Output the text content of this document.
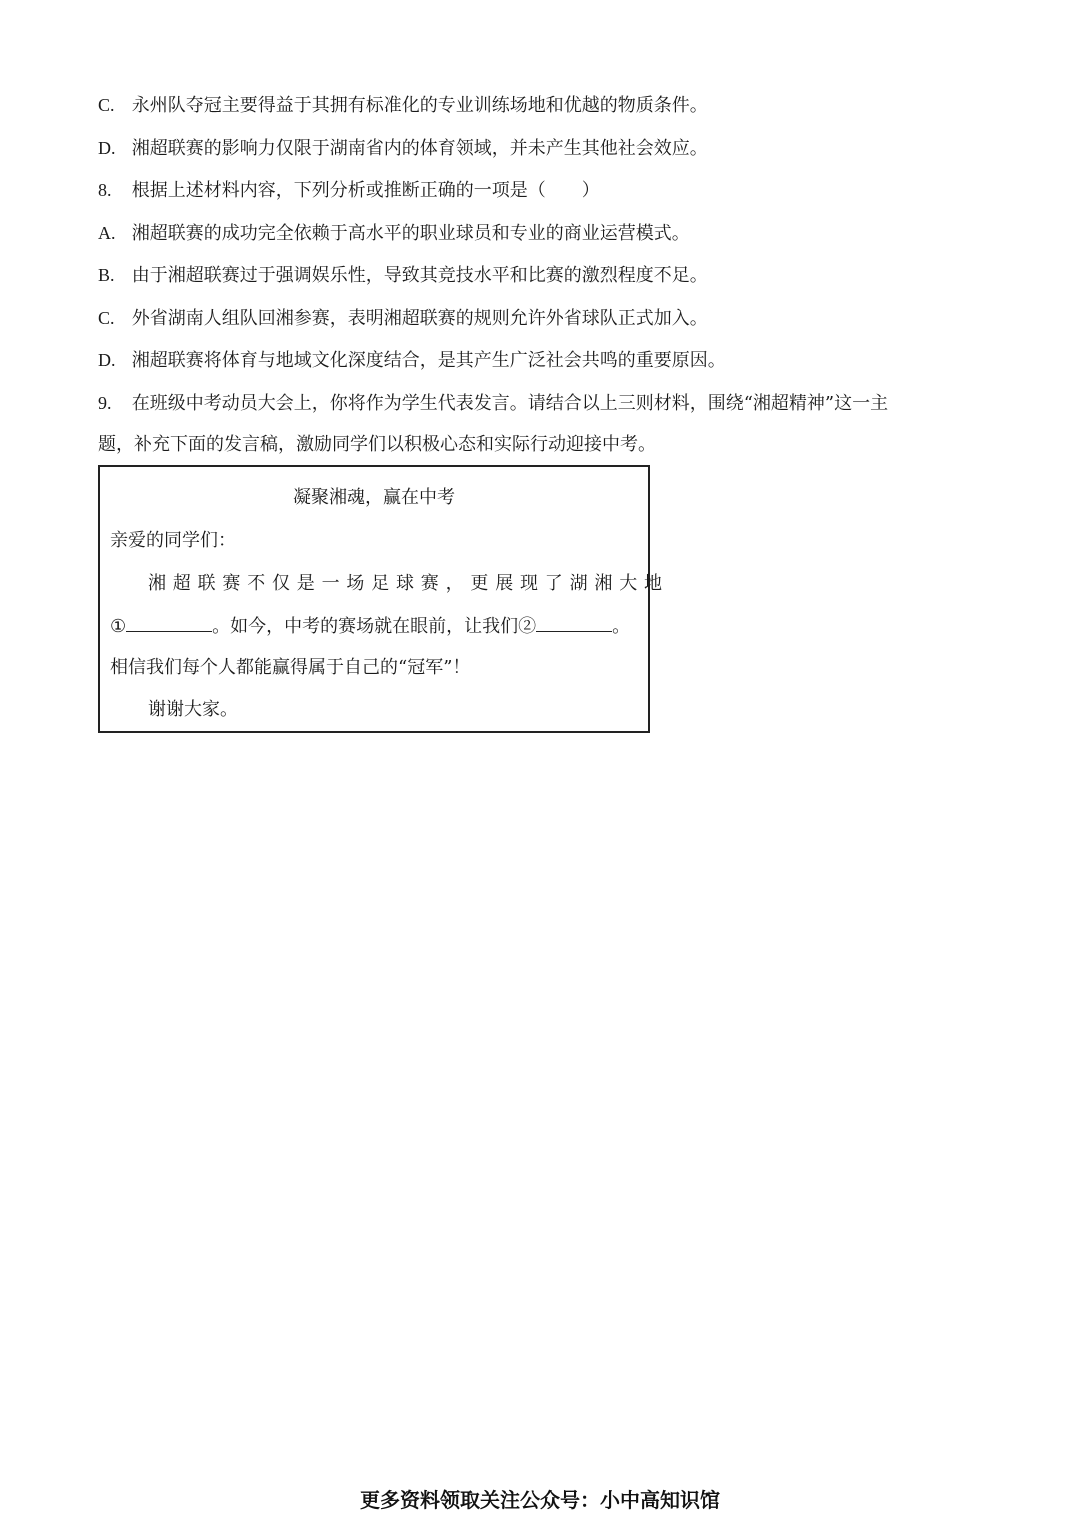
C. 永州队夺冠主要得益于其拥有标准化的专业训练场地和优越的物质条件。
D. 湘超联赛的影响力仅限于湖南省内的体育领域，并未产生其他社会效应。
8. 根据上述材料内容，下列分析或推断正确的一项是（　　）
A. 湘超联赛的成功完全依赖于高水平的职业球员和专业的商业运营模式。
B. 由于湘超联赛过于强调娱乐性，导致其竞技水平和比赛的激烈程度不足。
C. 外省湖南人组队回湘参赛，表明湘超联赛的规则允许外省球队正式加入。
D. 湘超联赛将体育与地域文化深度结合，是其产生广泛社会共鸣的重要原因。
9. 在班级中考动员大会上，你将作为学生代表发言。请结合以上三则材料，围绕“湘超精神”这一主
题，补充下面的发言稿，激励同学们以积极心态和实际行动迎接中考。
凝聚湘魂，赢在中考
亲爱的同学们：
湘超联赛不仅是一场足球赛，更展现了湖湘大地
①	。如今，中考的赛场就在眼前，让我们②	。
相信我们每个人都能赢得属于自己的“冠军”！
谢谢大家。
更多资料领取关注公众号：小中高知识馆
